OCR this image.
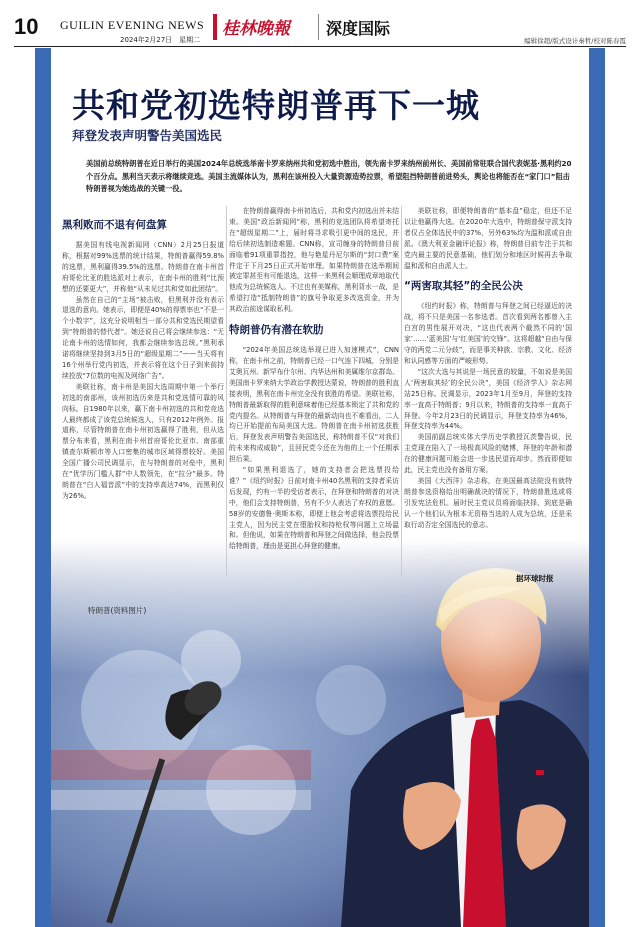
10 GUILIN EVENING NEWS
2024年2月27日　星期二
桂林晚報 深度国际
编辑徐超/版式设计秦哲/校对陈春霞
共和党初选特朗普再下一城
拜登发表声明警告美国选民
美国前总统特朗普在近日举行的美国2024年总统选举南卡罗来纳州共和党初选中胜出，领先南卡罗来纳州前州长、美国前常驻联合国代表妮基·黑利约20个百分点。黑利当天表示将继续竞选。美国主流媒体认为，黑利在该州投入大量资源造势拉票，希望阻挡特朗普前进势头，舆论也将能否在“家门口”阻击特朗普视为她选战的关键一役。
黑利败而不退有何盘算

据美国有线电视新闻网（CNN）2月25日报道称，根据对99%选票的统计结果，特朗普赢得59.8%的选票，黑利赢得39.5%的选票。特朗普在南卡州首府哥伦比亚的胜选派对上表示，在南卡州的胜利“比预想的还要更大”，并称他“从未见过共和党如此团结”。

虽然在自己的“主场”被击败，但黑利并没有表示退选的意向。她表示，即便是40%的得票率也“不是一个小数字”，这充分说明相当一部分共和党选民期望看到“特朗普的替代者”。她还说自己将会继续参选：“无论南卡州的选情如何，我都会继续参选总统。”黑利承诺将继续坚持到3月5日的“超级星期二”——当天将有16个州举行党内初选，并表示将在这个日子到来前持续投放“7位数的电视及网络广告”。

美联社称，南卡州是美国大选周期中第一个举行初选的南部州，该州初选历来是共和党选情可靠的风向标。自1980年以来，赢下南卡州初选的共和党竞选人最终都成了该党总统候选人，只有2012年例外。报道称，尽管特朗普在南卡州初选赢得了胜利，但从选票分布来看，黑利在南卡州首府哥伦比亚市、南部重镇查尔斯顿市等人口密集的城市区域得票较好。美国全国广播公司民调显示，在与特朗普的对垒中，黑利在“优学历门槛人群”中人数领先，在“拉分”最多。特朗普在“白人福音派”中的支持率高达74%，而黑利仅为26%。

在特朗普赢得南卡州初选后，共和党内初选出并未结束。美国“政治新闻网”称，黑利的竞选团队将希望寄托在“超级星期二”上，届时将寻求吸引更中间的选民，并给后续初选制造难题。CNN称，宣司缠身的特朗普目前面临着91项重罪指控，他与艳星丹尼尔斯的“封口费”案件定于下月25日正式开始审理。如果特朗普在选举期间被定罪甚至有可能退选，这样一来黑利会顺理成章地取代他成为总统候选人。不过也有美媒称，黑利背水一战，是希望打造“抵制特朗普”的旗号争取更多改选资金，并为其政治前途谋取私利。

特朗普仍有潜在软肋

“2024年美国总统选举现已进入加速模式”，CNN称，在南卡州之前，特朗普已经一口气连下四城，分别是艾奥瓦州、新罕布什尔州、内华达州和美属维尔京群岛。美国南卡罗来纳大学政治学教授达蒙说，特朗普的胜利直接表明，黑利在南卡州完全没有获胜的希望。美联社称，特朗普最新取得的胜利意味着他已经基本锁定了共和党的党内提名。从特朗普与拜登的最新动向也不难看出，二人均已开始提前布局美国大选。特朗普在南卡州初选获胜后，拜登发表声明警告美国选民，称特朗普不仅“对我们的未来构成威胁”，且回民党今还在为他的上一个任期承担后果。

“如果黑利退选了，她的支持者会把选票投给谁？”《纽约时报》日前对南卡州40名黑利的支持者采访后发现，约有一半的受访者表示，在拜登和特朗普的对决中，他们会支持特朗普，另有不少人表达了弃权的意愿。58岁的安德鲁·奥斯本称，即便上他会考虑将选票投给民主党人，因为民主党在堕胎权和持枪权等问题上立场温和。但他说，如果在特朗普和拜登之间做选择，他会投票给特朗普，理由是更担心拜登的健康。

美联社称，即便特朗普的“基本盘”稳定，但还不足以让他赢得大选。在2020年大选中，特朗普保守派支持者仅占全体选民中的37%，另外63%均为温和派或自由派。《澳大利亚金融评论报》称，特朗普目前专注于共和党内最主要的民意基础，他们划分和地区时候再去争取温和派和自由派人士。

“两害取其轻”的全民公决

《纽约时报》称，特朗普与拜登之间已经逼近的决战，将不只是美国一名参选者。首次看到两名都曾入主白宫的男性展开对决，“这也代表两个截然不同的‘国家’……‘蓝美国’与‘红美国’的交锋”。这将超越“自由与保守的两党二元分歧”，而是事关种族、宗教、文化、经济和认同感等方面的严峻形势。

“这次大选与其说是一场民意的较量，不如说是美国人‘两害取其轻’的全民公决”，美国《经济学人》杂志网站25日称。民调显示，2023年1月至9月，拜登的支持率一直高于特朗普；9月以来，特朗普的支持率一直高于拜登。今年2月23日的民调显示，拜登支持率为46%，拜登支持率为44%。

美国前副总统实体大学历史学教授瓦茨警告说，民主党现在陷入了一场极高风险的赌博，拜登的年龄和潜在的健康问题可能会进一步选民望而却步。然而即便如此，民主党也没有备用方案。

美国《大西洋》杂志称，在美国最高法院没有就特朗普参选资格给出明确裁决的情况下，特朗普胜选或将引发宪法危机。届时民主党议员将面临抉择，到底是确认一个他们认为根本无资格当选的人成为总统，还是采取行动否定全国选民的意志。

据环球时报
特朗普(资料图片)
